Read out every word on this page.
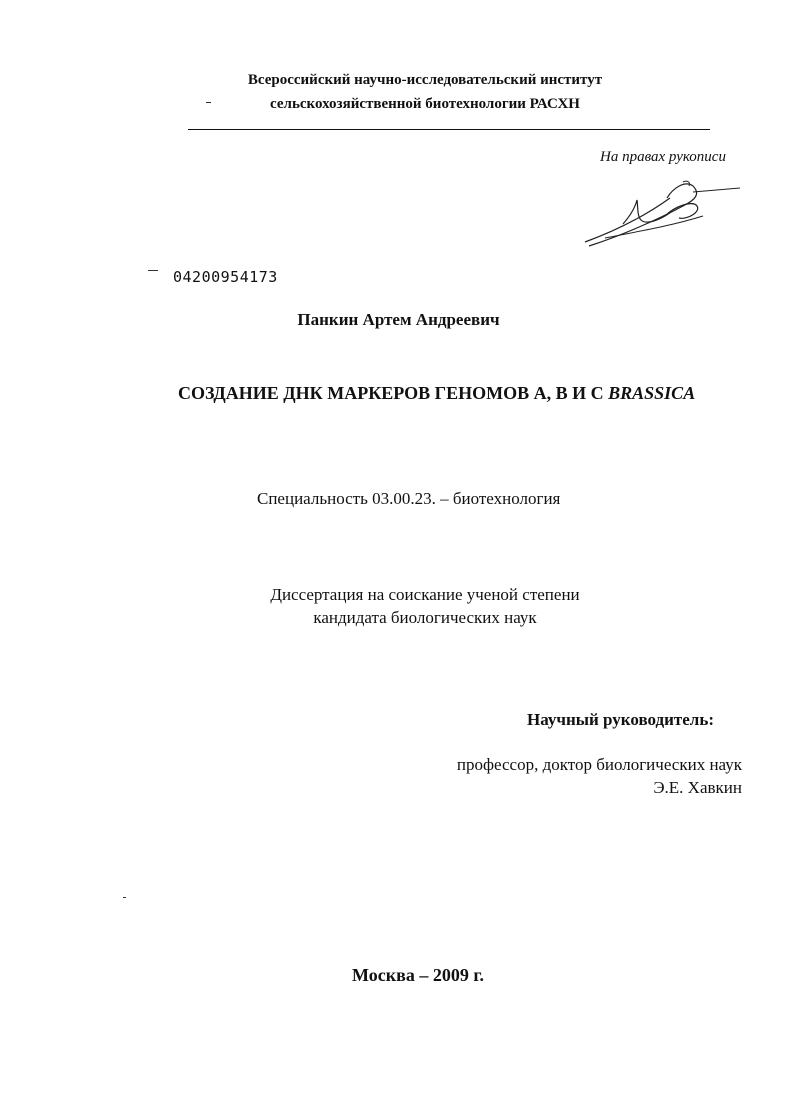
Всероссийский научно-исследовательский институт
сельскохозяйственной биотехнологии РАСХН
На правах рукописи
04200954173
Панкин Артем Андреевич
СОЗДАНИЕ ДНК МАРКЕРОВ ГЕНОМОВ А, В И С BRASSICA
Специальность 03.00.23. – биотехнология
Диссертация на соискание ученой степени
кандидата биологических наук
Научный руководитель:
профессор, доктор биологических наук
Э.Е. Хавкин
Москва – 2009 г.
